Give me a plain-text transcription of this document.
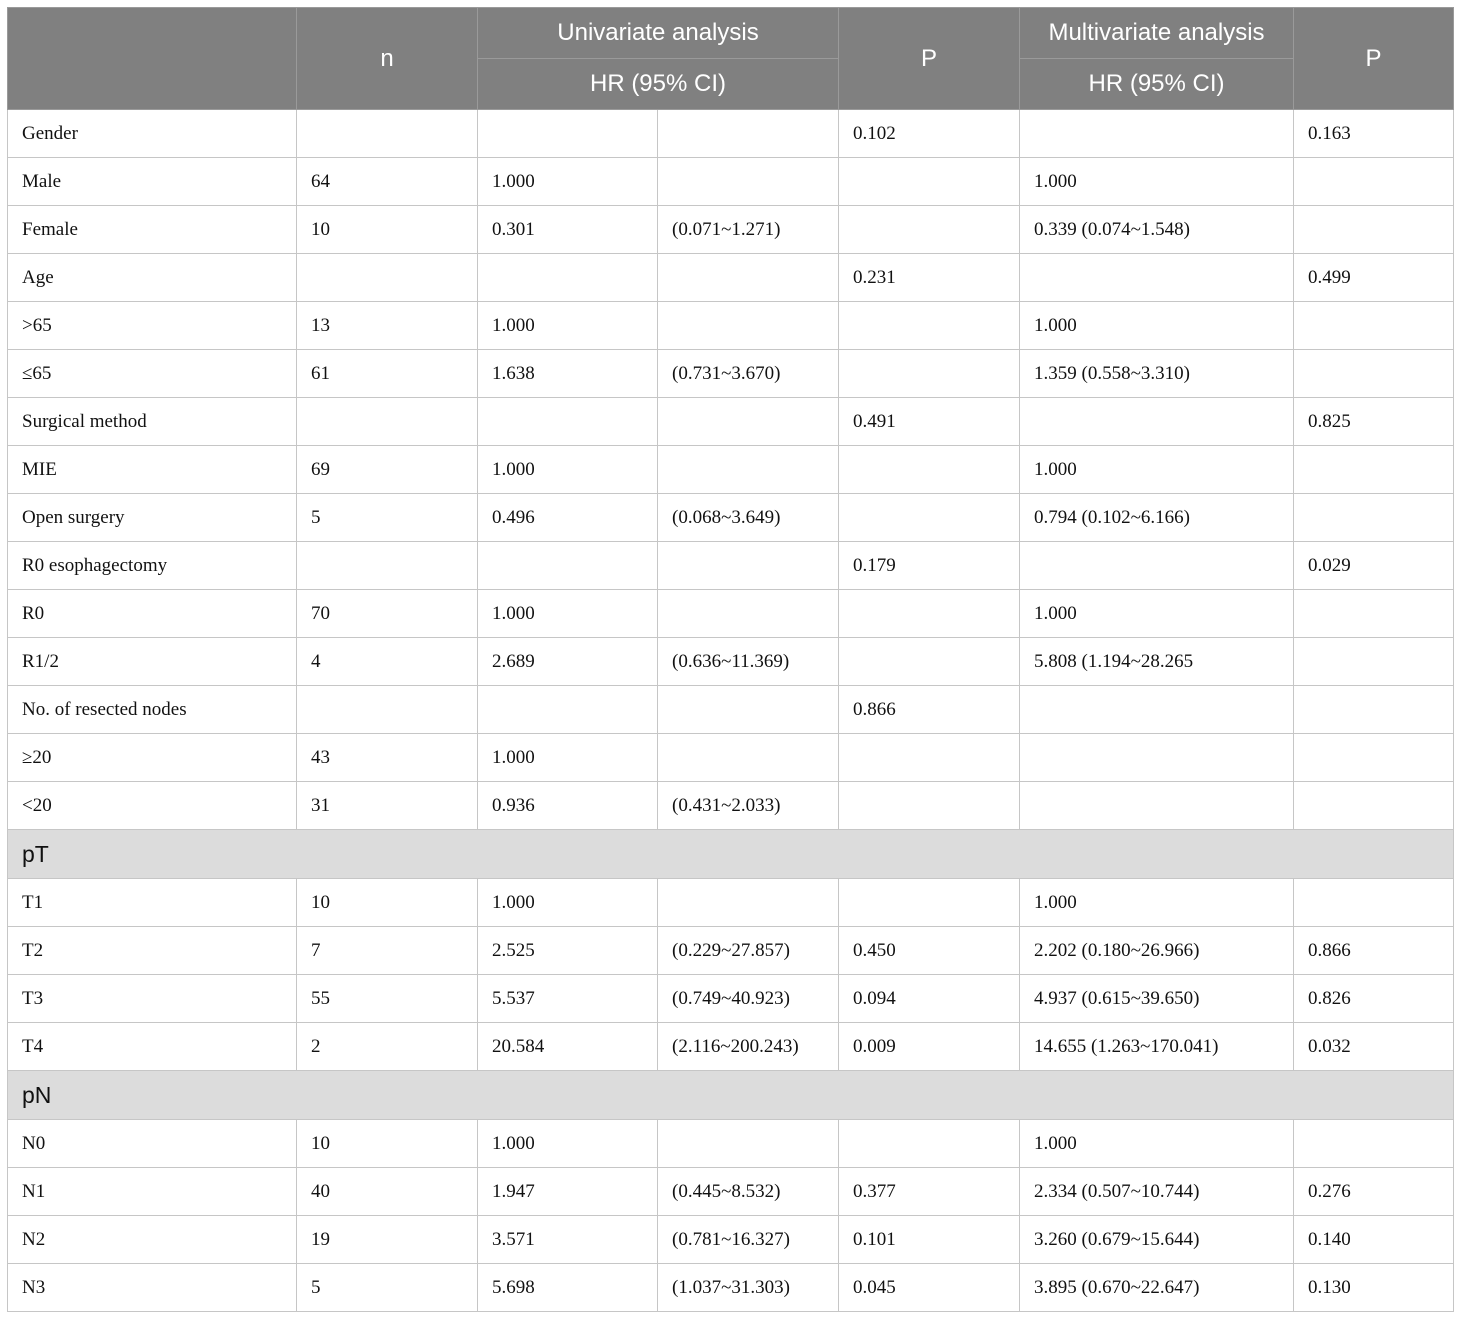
	n	Univariate analysis		P	Multivariate analysis	P
		HR (95% CI)			HR (95% CI)	
Gender				0.102		0.163
Male	64	1.000			1.000	
Female	10	0.301	(0.071~1.271)		0.339 (0.074~1.548)	
Age				0.231		0.499
>65	13	1.000			1.000	
≤65	61	1.638	(0.731~3.670)		1.359 (0.558~3.310)	
Surgical method				0.491		0.825
MIE	69	1.000			1.000	
Open surgery	5	0.496	(0.068~3.649)		0.794 (0.102~6.166)	
R0 esophagectomy				0.179		0.029
R0	70	1.000			1.000	
R1/2	4	2.689	(0.636~11.369)		5.808 (1.194~28.265	
No. of resected nodes				0.866		
≥20	43	1.000				
<20	31	0.936	(0.431~2.033)			
pT						
T1	10	1.000			1.000	
T2	7	2.525	(0.229~27.857)	0.450	2.202 (0.180~26.966)	0.866
T3	55	5.537	(0.749~40.923)	0.094	4.937 (0.615~39.650)	0.826
T4	2	20.584	(2.116~200.243)	0.009	14.655 (1.263~170.041)	0.032
pN						
N0	10	1.000			1.000	
N1	40	1.947	(0.445~8.532)	0.377	2.334 (0.507~10.744)	0.276
N2	19	3.571	(0.781~16.327)	0.101	3.260 (0.679~15.644)	0.140
N3	5	5.698	(1.037~31.303)	0.045	3.895 (0.670~22.647)	0.130
